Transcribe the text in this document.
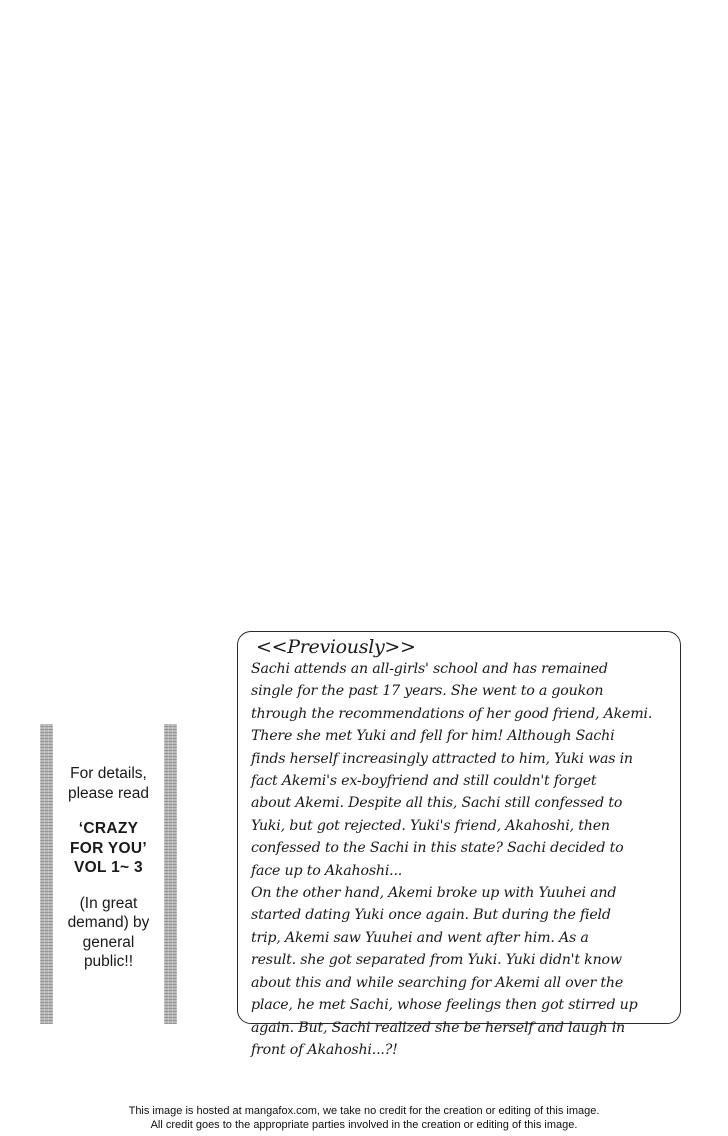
For details,
please read
‘CRAZY
FOR YOU’
VOL 1~ 3
(In great
demand) by
general
public!!
<<Previously>>
Sachi attends an all-girls' school and has remained
single for the past 17 years. She went to a goukon
through the recommendations of her good friend, Akemi.
There she met Yuki and fell for him! Although Sachi
finds herself increasingly attracted to him, Yuki was in
fact Akemi's ex-boyfriend and still couldn't forget
about Akemi. Despite all this, Sachi still confessed to
Yuki, but got rejected. Yuki's friend, Akahoshi, then
confessed to the Sachi in this state? Sachi decided to
face up to Akahoshi...
On the other hand, Akemi broke up with Yuuhei and
started dating Yuki once again. But during the field
trip, Akemi saw Yuuhei and went after him. As a
result. she got separated from Yuki. Yuki didn't know
about this and while searching for Akemi all over the
place, he met Sachi, whose feelings then got stirred up
again. But, Sachi realized she be herself and laugh in
front of Akahoshi...?!
This image is hosted at mangafox.com, we take no credit for the creation or editing of this image.
All credit goes to the appropriate parties involved in the creation or editing of this image.
